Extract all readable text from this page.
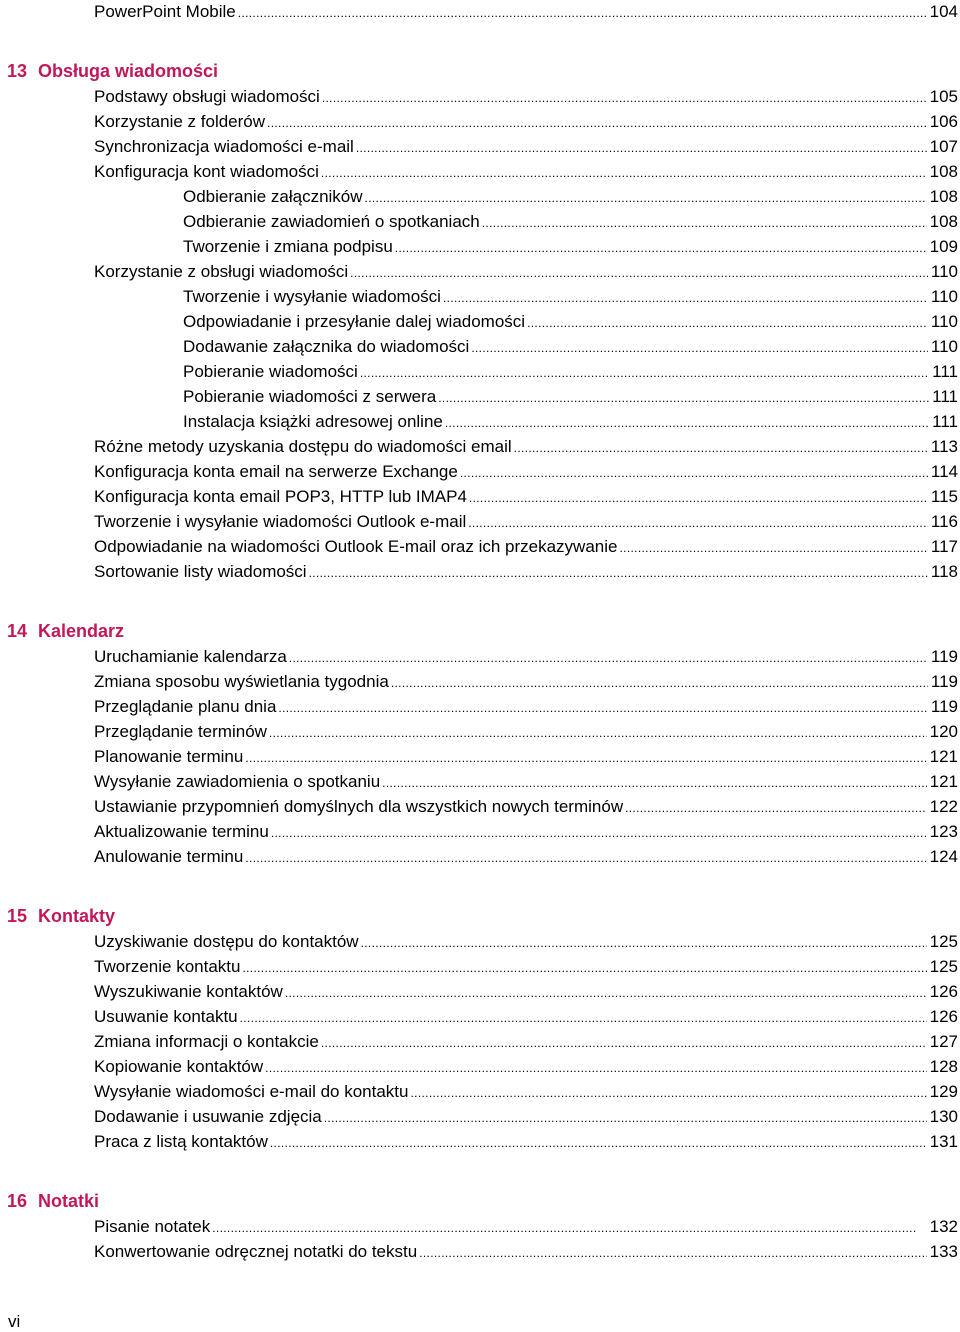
PowerPoint Mobile . . .	104
13 Obsługa wiadomości
Podstawy obsługi wiadomości . . .	105
Korzystanie z folderów . . .	106
Synchronizacja wiadomości e-mail . . .	107
Konfiguracja kont wiadomości . . .	108
Odbieranie załączników . . .	108
Odbieranie zawiadomień o spotkaniach . . .	108
Tworzenie i zmiana podpisu . . .	109
Korzystanie z obsługi wiadomości . . .	110
Tworzenie i wysyłanie wiadomości . . .	110
Odpowiadanie i przesyłanie dalej wiadomości . . .	110
Dodawanie załącznika do wiadomości . . .	110
Pobieranie wiadomości . . .	111
Pobieranie wiadomości z serwera . . .	111
Instalacja książki adresowej online . . .	111
Różne metody uzyskania dostępu do wiadomości email . . .	113
Konfiguracja konta email na serwerze Exchange . . .	114
Konfiguracja konta email POP3, HTTP lub IMAP4 . . .	115
Tworzenie i wysyłanie wiadomości Outlook e-mail . . .	116
Odpowiadanie na wiadomości Outlook E-mail oraz ich przekazywanie . . .	117
Sortowanie listy wiadomości . . .	118
14 Kalendarz
Uruchamianie kalendarza . . .	119
Zmiana sposobu wyświetlania tygodnia . . .	119
Przeglądanie planu dnia . . .	119
Przeglądanie terminów . . .	120
Planowanie terminu . . .	121
Wysyłanie zawiadomienia o spotkaniu . . .	121
Ustawianie przypomnień domyślnych dla wszystkich nowych terminów . . .	122
Aktualizowanie terminu . . .	123
Anulowanie terminu . . .	124
15 Kontakty
Uzyskiwanie dostępu do kontaktów . . .	125
Tworzenie kontaktu . . .	125
Wyszukiwanie kontaktów . . .	126
Usuwanie kontaktu . . .	126
Zmiana informacji o kontakcie . . .	127
Kopiowanie kontaktów . . .	128
Wysyłanie wiadomości e-mail do kontaktu . . .	129
Dodawanie i usuwanie zdjęcia . . .	130
Praca z listą kontaktów . . .	131
16 Notatki
Pisanie notatek . . .	132
Konwertowanie odręcznej notatki do tekstu . . .	133
vi
